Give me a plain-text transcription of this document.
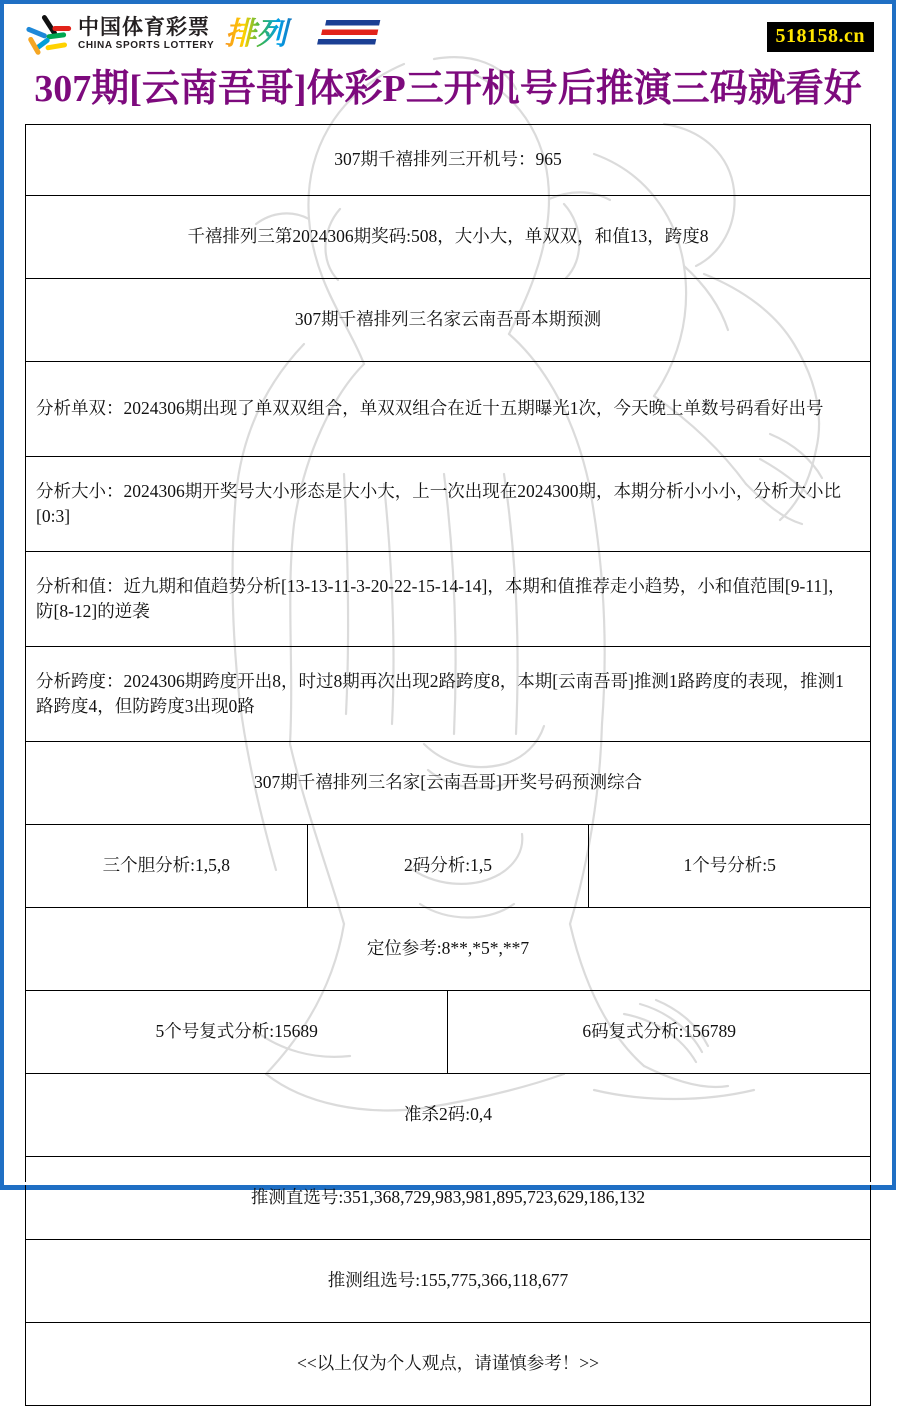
中国体育彩票
CHINA SPORTS LOTTERY 排列	518158.cn
307期[云南吾哥]体彩P三开机号后推演三码就看好
307期千禧排列三开机号：965			
千禧排列三第2024306期奖码:508，大小大，单双双，和值13，跨度8			
307期千禧排列三名家云南吾哥本期预测			
分析单双：2024306期出现了单双双组合，单双双组合在近十五期曝光1次，今天晚上单数号码看好出号			
分析大小：2024306期开奖号大小形态是大小大，上一次出现在2024300期，本期分析小小小，分析大小比[0:3]			
分析和值：近九期和值趋势分析[13-13-11-3-20-22-15-14-14]，本期和值推荐走小趋势，小和值范围[9-11]，防[8-12]的逆袭			
分析跨度：2024306期跨度开出8，时过8期再次出现2路跨度8，本期[云南吾哥]推测1路跨度的表现，推测1路跨度4，但防跨度3出现0路			
307期千禧排列三名家[云南吾哥]开奖号码预测综合			
三个胆分析:1,5,8	2码分析:1,5		1个号分析:5
定位参考:8**,*5*,**7			
5个号复式分析:15689		6码复式分析:156789	
准杀2码:0,4			
推测直选号:351,368,729,983,981,895,723,629,186,132			
推测组选号:155,775,366,118,677			
<<以上仅为个人观点，请谨慎参考！>>			
